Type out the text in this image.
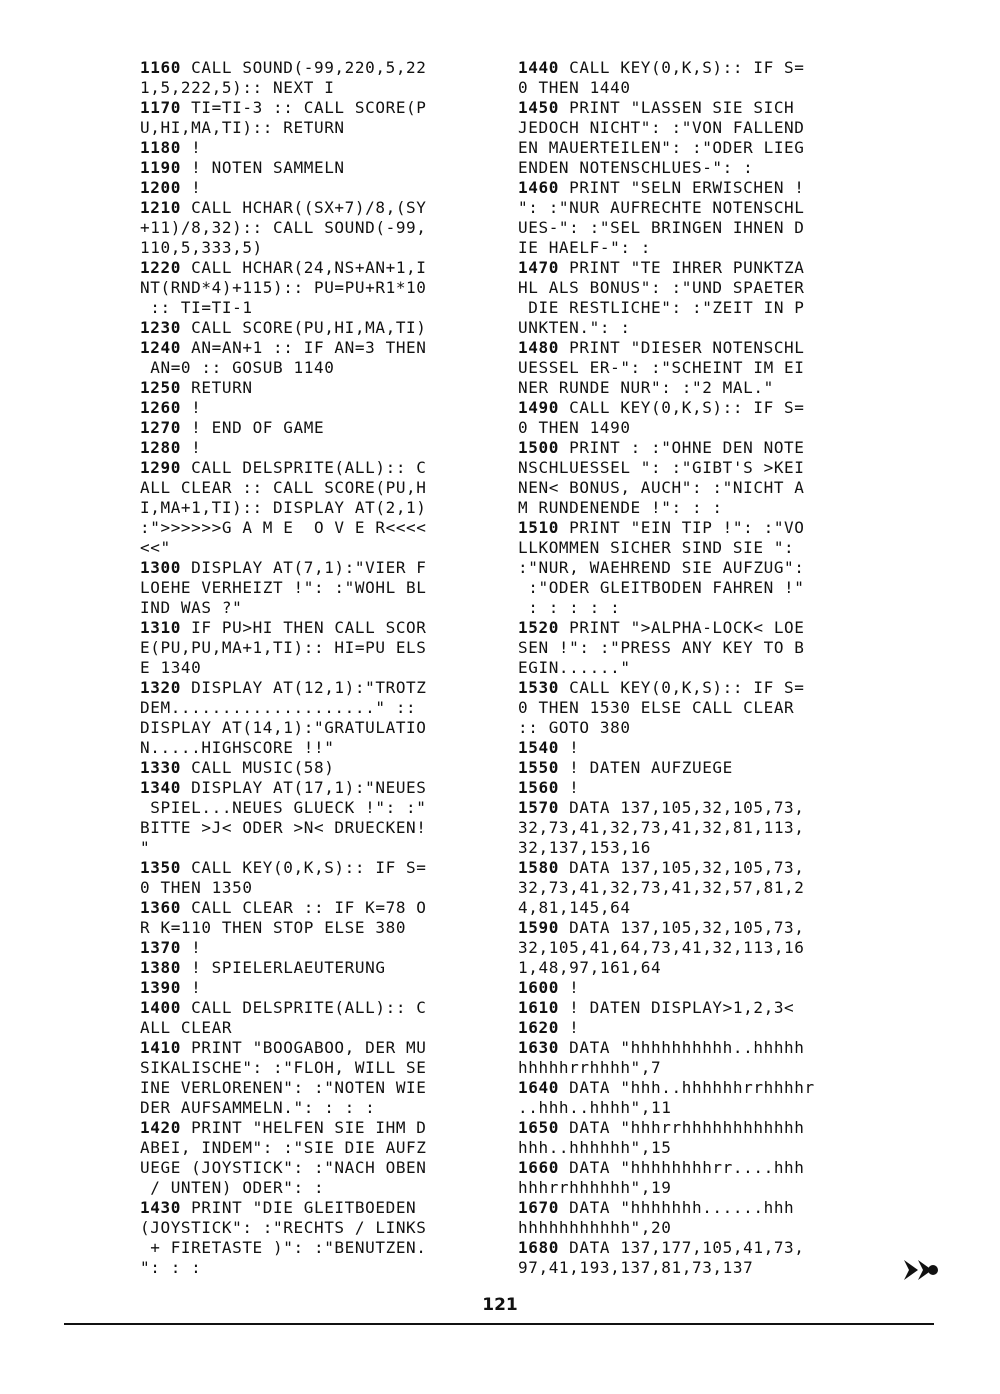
1160 CALL SOUND(-99,220,5,22
1,5,222,5):: NEXT I
1170 TI=TI-3 :: CALL SCORE(P
U,HI,MA,TI):: RETURN
1180 !
1190 ! NOTEN SAMMELN
1200 !
1210 CALL HCHAR((SX+7)/8,(SY
+11)/8,32):: CALL SOUND(-99,
110,5,333,5)
1220 CALL HCHAR(24,NS+AN+1,I
NT(RND*4)+115):: PU=PU+R1*10
:: TI=TI-1
1230 CALL SCORE(PU,HI,MA,TI)
1240 AN=AN+1 :: IF AN=3 THEN
AN=0 :: GOSUB 1140
1250 RETURN
1260 !
1270 ! END OF GAME
1280 !
1290 CALL DELSPRITE(ALL):: C
ALL CLEAR :: CALL SCORE(PU,H
I,MA+1,TI):: DISPLAY AT(2,1)
:">>>>>>G A M E  O V E R<<<<
<<"
1300 DISPLAY AT(7,1):"VIER F
LOEHE VERHEIZT !": :"WOHL BL
IND WAS ?"
1310 IF PU>HI THEN CALL SCOR
E(PU,PU,MA+1,TI):: HI=PU ELS
E 1340
1320 DISPLAY AT(12,1):"TROTZ
DEM...................." ::
DISPLAY AT(14,1):"GRATULATIO
N.....HIGHSCORE !!"
1330 CALL MUSIC(58)
1340 DISPLAY AT(17,1):"NEUES
SPIEL...NEUES GLUECK !": :"
BITTE >J< ODER >N< DRUECKEN!
"
1350 CALL KEY(0,K,S):: IF S=
0 THEN 1350
1360 CALL CLEAR :: IF K=78 O
R K=110 THEN STOP ELSE 380
1370 !
1380 ! SPIELERLAEUTERUNG
1390 !
1400 CALL DELSPRITE(ALL):: C
ALL CLEAR
1410 PRINT "BOOGABOO, DER MU
SIKALISCHE": :"FLOH, WILL SE
INE VERLORENEN": :"NOTEN WIE
DER AUFSAMMELN.": : : :
1420 PRINT "HELFEN SIE IHM D
ABEI, INDEM": :"SIE DIE AUFZ
UEGE (JOYSTICK": :"NACH OBEN
/ UNTEN) ODER": :
1430 PRINT "DIE GLEITBOEDEN
(JOYSTICK": :"RECHTS / LINKS
+ FIRETASTE )": :"BENUTZEN.
": : :
1440 CALL KEY(0,K,S):: IF S=
0 THEN 1440
1450 PRINT "LASSEN SIE SICH
JEDOCH NICHT": :"VON FALLEND
EN MAUERTEILEN": :"ODER LIEG
ENDEN NOTENSCHLUES-": :
1460 PRINT "SELN ERWISCHEN !
": :"NUR AUFRECHTE NOTENSCHL
UES-": :"SEL BRINGEN IHNEN D
IE HAELF-": :
1470 PRINT "TE IHRER PUNKTZA
HL ALS BONUS": :"UND SPAETER
DIE RESTLICHE": :"ZEIT IN P
UNKTEN.": :
1480 PRINT "DIESER NOTENSCHL
UESSEL ER-": :"SCHEINT IM EI
NER RUNDE NUR": :"2 MAL."
1490 CALL KEY(0,K,S):: IF S=
0 THEN 1490
1500 PRINT : :"OHNE DEN NOTE
NSCHLUESSEL ": :"GIBT'S >KEI
NEN< BONUS, AUCH": :"NICHT A
M RUNDENENDE !": : :
1510 PRINT "EIN TIP !": :"VO
LLKOMMEN SICHER SIND SIE ":
:"NUR, WAEHREND SIE AUFZUG":
:"ODER GLEITBODEN FAHREN !"
: : : : :
1520 PRINT ">ALPHA-LOCK< LOE
SEN !": :"PRESS ANY KEY TO B
EGIN......"
1530 CALL KEY(0,K,S):: IF S=
0 THEN 1530 ELSE CALL CLEAR
:: GOTO 380
1540 !
1550 ! DATEN AUFZUEGE
1560 !
1570 DATA 137,105,32,105,73,
32,73,41,32,73,41,32,81,113,
32,137,153,16
1580 DATA 137,105,32,105,73,
32,73,41,32,73,41,32,57,81,2
4,81,145,64
1590 DATA 137,105,32,105,73,
32,105,41,64,73,41,32,113,16
1,48,97,161,64
1600 !
1610 ! DATEN DISPLAY>1,2,3<
1620 !
1630 DATA "hhhhhhhhhh..hhhhh
hhhhhrrhhhh",7
1640 DATA "hhh..hhhhhhrrhhhhr
..hhh..hhhh",11
1650 DATA "hhhrrhhhhhhhhhhhh
hhh..hhhhhh",15
1660 DATA "hhhhhhhhrr....hhh
hhhrrhhhhhh",19
1670 DATA "hhhhhhh......hhh
hhhhhhhhhhh",20
1680 DATA 137,177,105,41,73,
97,41,193,137,81,73,137
121
